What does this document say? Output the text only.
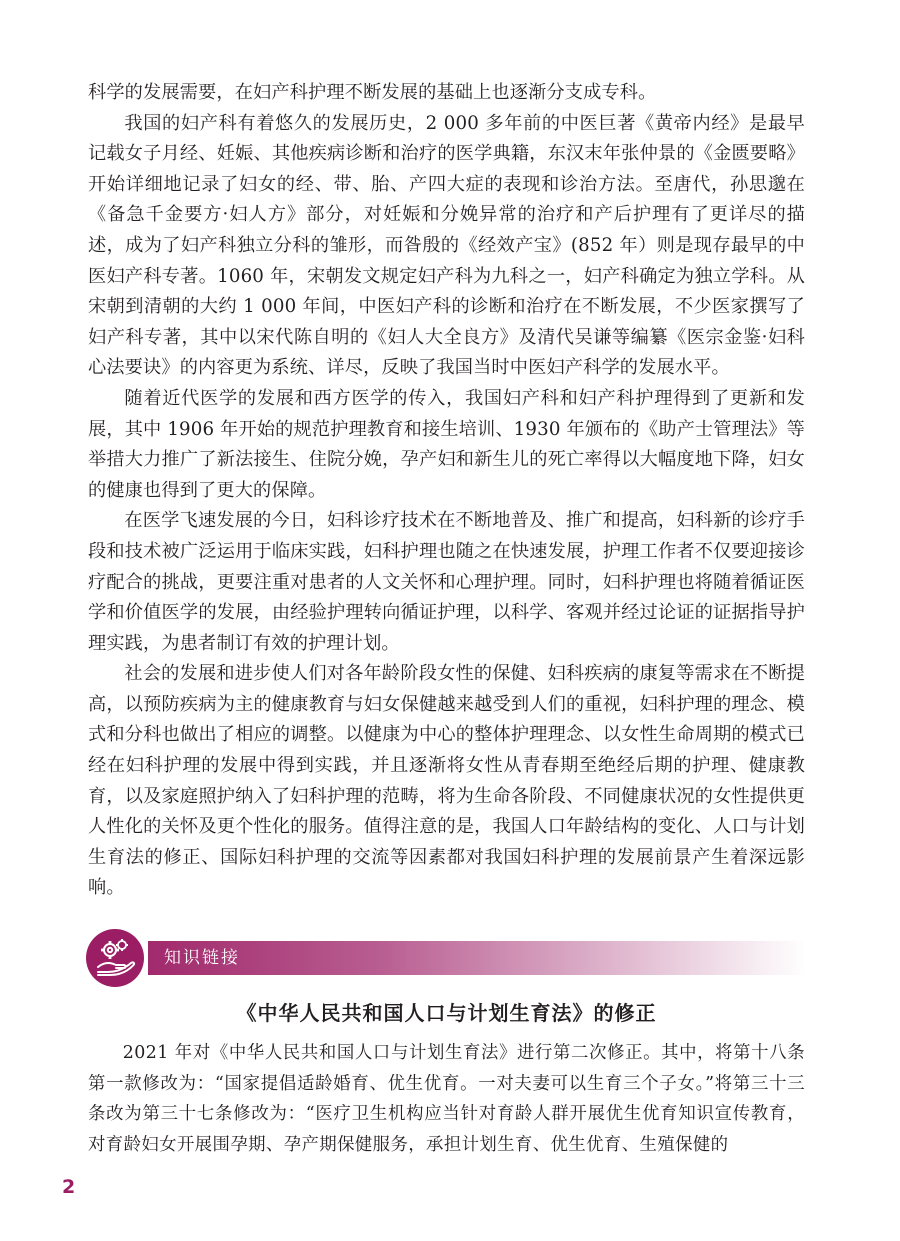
科学的发展需要，在妇产科护理不断发展的基础上也逐渐分支成专科。

我国的妇产科有着悠久的发展历史，2 000 多年前的中医巨著《黄帝内经》是最早记载女子月经、妊娠、其他疾病诊断和治疗的医学典籍，东汉末年张仲景的《金匮要略》开始详细地记录了妇女的经、带、胎、产四大症的表现和诊治方法。至唐代，孙思邈在《备急千金要方·妇人方》部分，对妊娠和分娩异常的治疗和产后护理有了更详尽的描述，成为了妇产科独立分科的雏形，而昝殷的《经效产宝》(852 年）则是现存最早的中医妇产科专著。1060 年，宋朝发文规定妇产科为九科之一，妇产科确定为独立学科。从宋朝到清朝的大约 1 000 年间，中医妇产科的诊断和治疗在不断发展，不少医家撰写了妇产科专著，其中以宋代陈自明的《妇人大全良方》及清代吴谦等编纂《医宗金鉴·妇科心法要诀》的内容更为系统、详尽，反映了我国当时中医妇产科学的发展水平。

随着近代医学的发展和西方医学的传入，我国妇产科和妇产科护理得到了更新和发展，其中 1906 年开始的规范护理教育和接生培训、1930 年颁布的《助产士管理法》等举措大力推广了新法接生、住院分娩，孕产妇和新生儿的死亡率得以大幅度地下降，妇女的健康也得到了更大的保障。

在医学飞速发展的今日，妇科诊疗技术在不断地普及、推广和提高，妇科新的诊疗手段和技术被广泛运用于临床实践，妇科护理也随之在快速发展，护理工作者不仅要迎接诊疗配合的挑战，更要注重对患者的人文关怀和心理护理。同时，妇科护理也将随着循证医学和价值医学的发展，由经验护理转向循证护理，以科学、客观并经过论证的证据指导护理实践，为患者制订有效的护理计划。

社会的发展和进步使人们对各年龄阶段女性的保健、妇科疾病的康复等需求在不断提高，以预防疾病为主的健康教育与妇女保健越来越受到人们的重视，妇科护理的理念、模式和分科也做出了相应的调整。以健康为中心的整体护理理念、以女性生命周期的模式已经在妇科护理的发展中得到实践，并且逐渐将女性从青春期至绝经后期的护理、健康教育，以及家庭照护纳入了妇科护理的范畴，将为生命各阶段、不同健康状况的女性提供更人性化的关怀及更个性化的服务。值得注意的是，我国人口年龄结构的变化、人口与计划生育法的修正、国际妇科护理的交流等因素都对我国妇科护理的发展前景产生着深远影响。

知识链接
《中华人民共和国人口与计划生育法》的修正

2021 年对《中华人民共和国人口与计划生育法》进行第二次修正。其中，将第十八条第一款修改为：“国家提倡适龄婚育、优生优育。一对夫妻可以生育三个子女。”将第三十三条改为第三十七条修改为：“医疗卫生机构应当针对育龄人群开展优生优育知识宣传教育，对育龄妇女开展围孕期、孕产期保健服务，承担计划生育、优生优育、生殖保健的

2
